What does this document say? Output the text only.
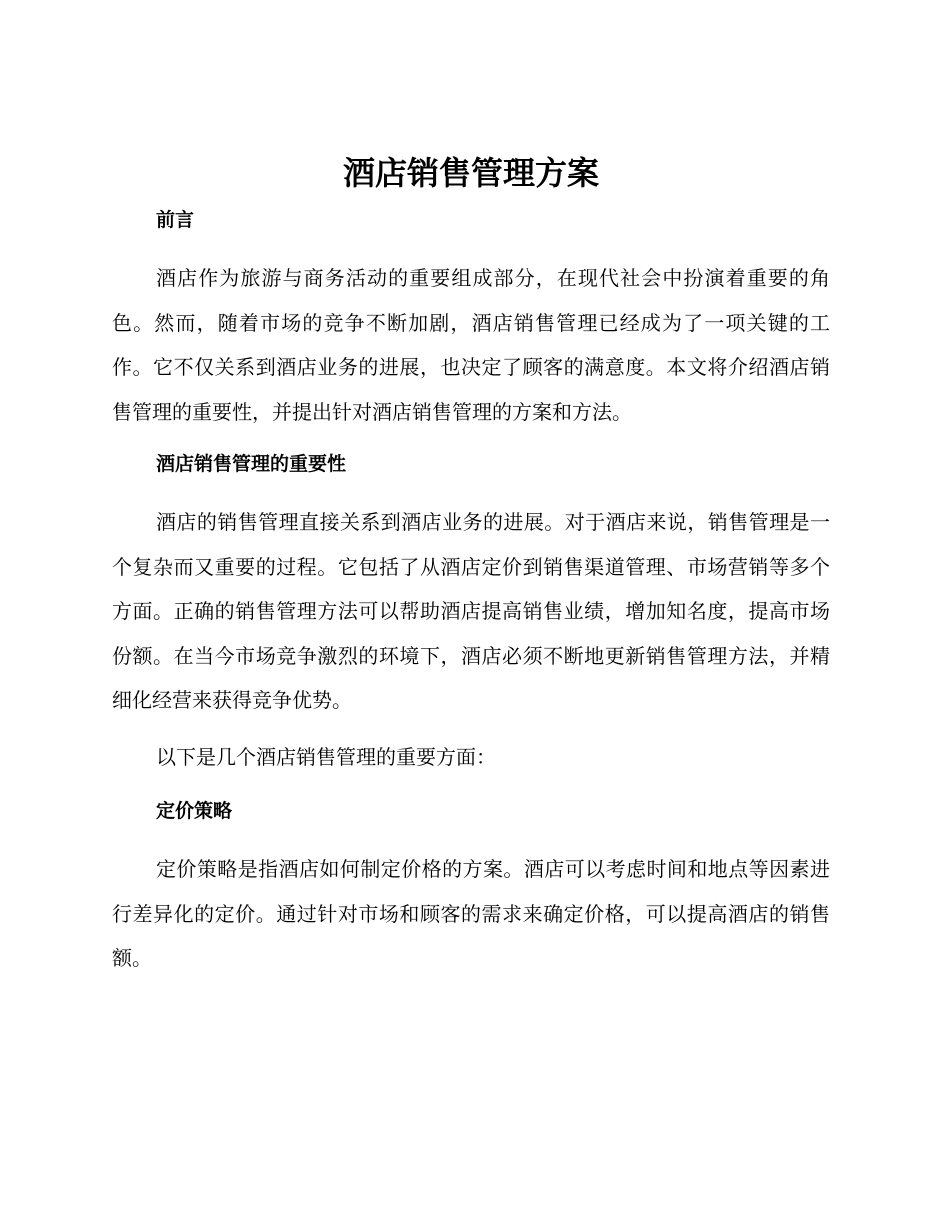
酒店销售管理方案
前言

酒店作为旅游与商务活动的重要组成部分，在现代社会中扮演着重要的角色。然而，随着市场的竞争不断加剧，酒店销售管理已经成为了一项关键的工作。它不仅关系到酒店业务的进展，也决定了顾客的满意度。本文将介绍酒店销售管理的重要性，并提出针对酒店销售管理的方案和方法。

酒店销售管理的重要性

酒店的销售管理直接关系到酒店业务的进展。对于酒店来说，销售管理是一个复杂而又重要的过程。它包括了从酒店定价到销售渠道管理、市场营销等多个方面。正确的销售管理方法可以帮助酒店提高销售业绩，增加知名度，提高市场份额。在当今市场竞争激烈的环境下，酒店必须不断地更新销售管理方法，并精细化经营来获得竞争优势。

以下是几个酒店销售管理的重要方面：

定价策略

定价策略是指酒店如何制定价格的方案。酒店可以考虑时间和地点等因素进行差异化的定价。通过针对市场和顾客的需求来确定价格，可以提高酒店的销售额。
